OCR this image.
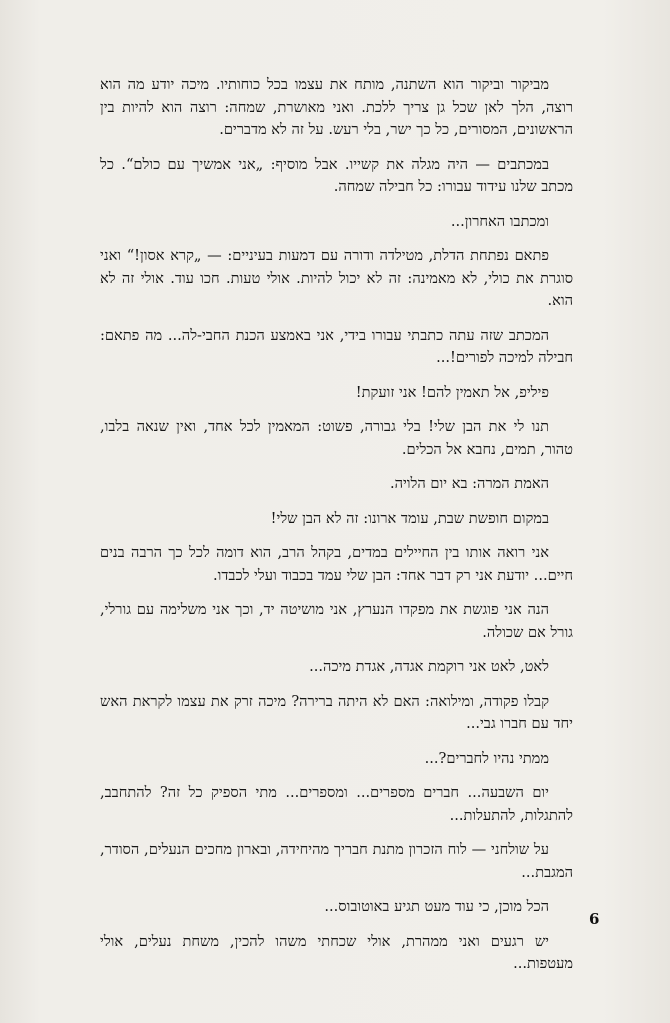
מביקור וביקור הוא השתנה, מותח את עצמו בכל כוחותיו. מיכה יודע מה הוא רוצה, הלך לאן שכל גן צריך ללכת. ואני מאושרת, שמחה: רוצה הוא להיות בין הראשונים, המסורים, כל כך ישר, בלי רעש. על זה לא מדברים.

במכתבים — היה מגלה את קשייו. אבל מוסיף: „אני אמשיך עם כולם“. כל מכתב שלנו עידוד עבורו: כל חבילה שמחה.

ומכתבו האחרון...

פתאם נפתחת הדלת, מטילדה ודורה עם דמעות בעיניים: — „קרא אסון!“ ואני סוגרת את כולי, לא מאמינה: זה לא יכול להיות. אולי טעות. חכו עוד. אולי זה לא הוא.

המכתב שזה עתה כתבתי עבורו בידי, אני באמצע הכנת החבי-לה... מה פתאם: חבילה למיכה לפורים!...

פיליפ, אל תאמין להם! אני זועקת!

תנו לי את הבן שלי! בלי גבורה, פשוט: המאמין לכל אחד, ואין שנאה בלבו, טהור, תמים, נחבא אל הכלים.

האמת המרה: בא יום הלויה.

במקום חופשת שבת, עומד ארונו: זה לא הבן שלי!

אני רואה אותו בין החיילים במדים, בקהל הרב, הוא דומה לכל כך הרבה בנים חיים... יודעת אני רק דבר אחד: הבן שלי עמד בכבוד ועלי לכבדו.

הנה אני פוגשת את מפקדו הנערץ, אני מושיטה יד, וכך אני משלימה עם גורלי, גורל אם שכולה.

לאט, לאט אני רוקמת אגדה, אגדת מיכה...

קבלו פקודה, ומילואה: האם לא היתה ברירה? מיכה זרק את עצמו לקראת האש יחד עם חברו גבי...

ממתי נהיו לחברים?...

יום השבעה... חברים מספרים... ומספרים... מתי הספיק כל זה? להתחבב, להתגלות, להתעלות...

על שולחני — לוח הזכרון מתנת חבריך מהיחידה, ובארון מחכים הנעלים, הסודר, המגבת...

הכל מוכן, כי עוד מעט תגיע באוטובוס...

יש רגעים ואני ממהרת, אולי שכחתי משהו להכין, משחת נעלים, אולי מעטפות...

6
